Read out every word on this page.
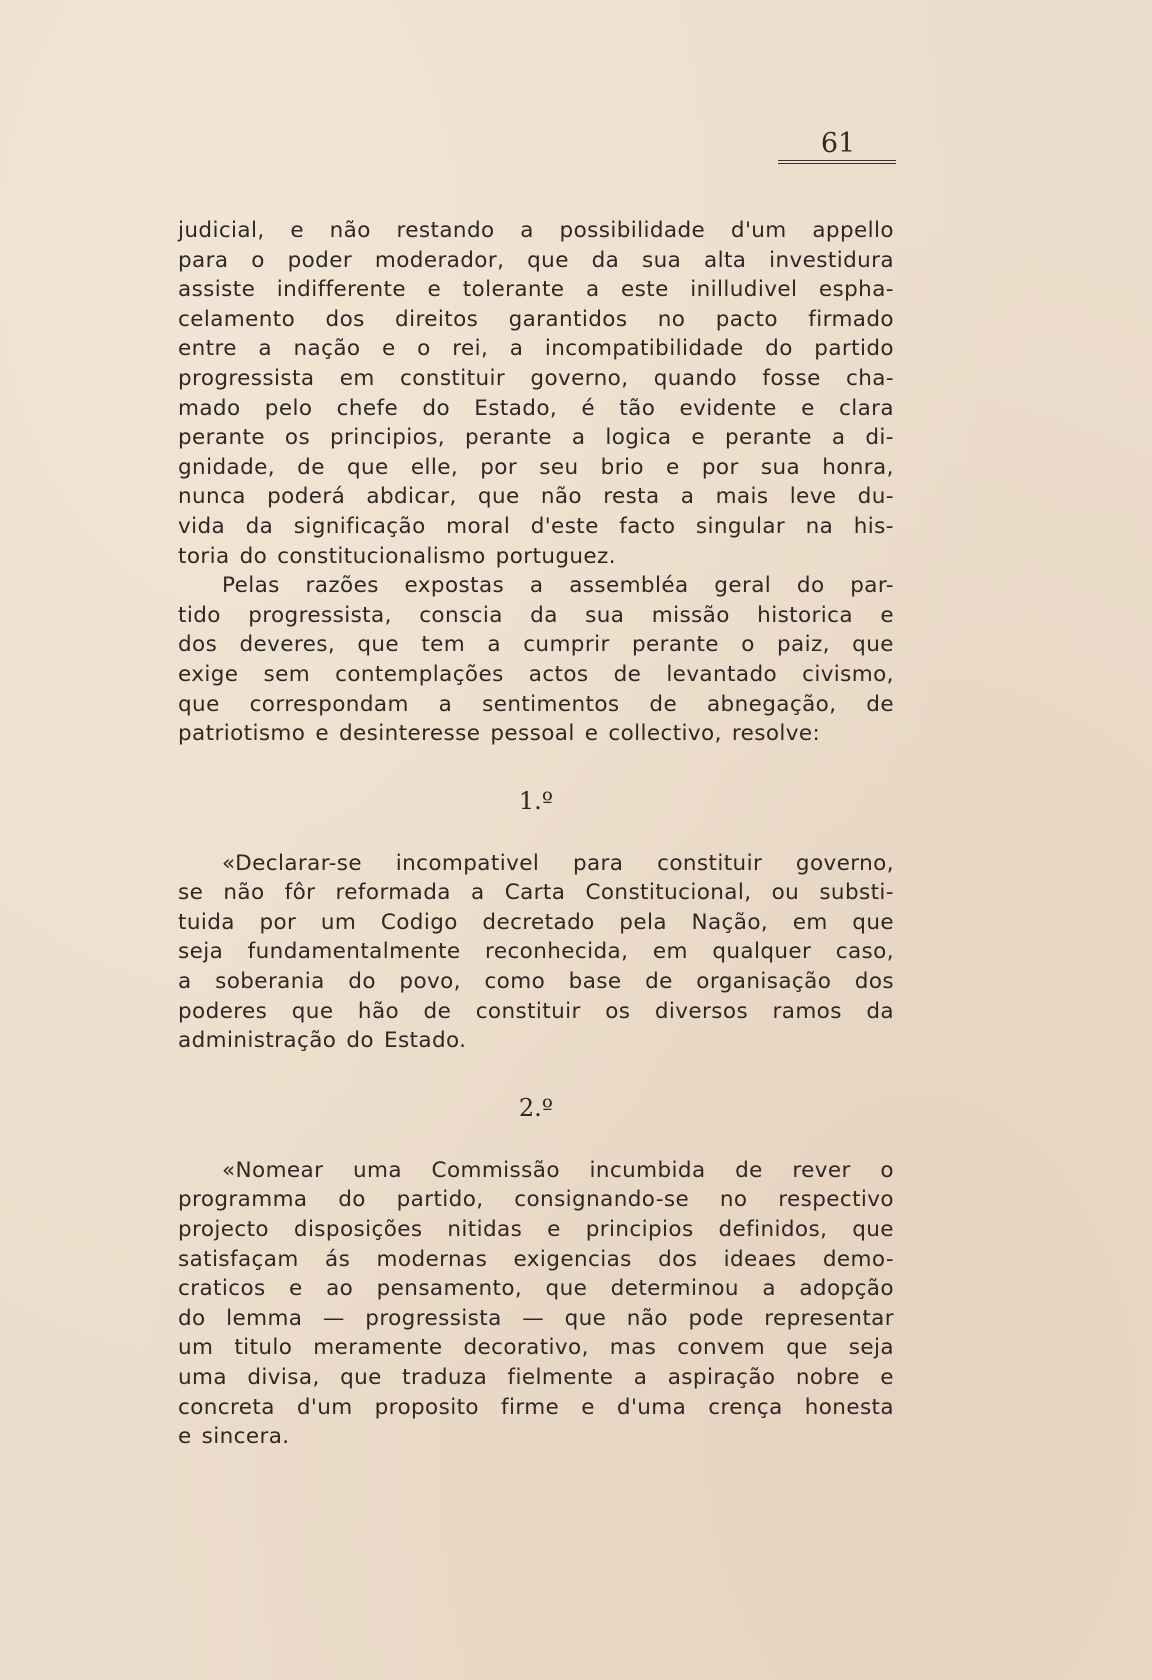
61
judicial, e não restando a possibilidade d'um appello
para o poder moderador, que da sua alta investidura
assiste indifferente e tolerante a este inilludivel espha-
celamento dos direitos garantidos no pacto firmado
entre a nação e o rei, a incompatibilidade do partido
progressista em constituir governo, quando fosse cha-
mado pelo chefe do Estado, é tão evidente e clara
perante os principios, perante a logica e perante a di-
gnidade, de que elle, por seu brio e por sua honra,
nunca poderá abdicar, que não resta a mais leve du-
vida da significação moral d'este facto singular na his-
toria do constitucionalismo portuguez.
Pelas razões expostas a assembléa geral do par-
tido progressista, conscia da sua missão historica e
dos deveres, que tem a cumprir perante o paiz, que
exige sem contemplações actos de levantado civismo,
que correspondam a sentimentos de abnegação, de
patriotismo e desinteresse pessoal e collectivo, resolve:
1.º
«Declarar-se incompativel para constituir governo,
se não fôr reformada a Carta Constitucional, ou substi-
tuida por um Codigo decretado pela Nação, em que
seja fundamentalmente reconhecida, em qualquer caso,
a soberania do povo, como base de organisação dos
poderes que hão de constituir os diversos ramos da
administração do Estado.
2.º
«Nomear uma Commissão incumbida de rever o
programma do partido, consignando-se no respectivo
projecto disposições nitidas e principios definidos, que
satisfaçam ás modernas exigencias dos ideaes demo-
craticos e ao pensamento, que determinou a adopção
do lemma — progressista — que não pode representar
um titulo meramente decorativo, mas convem que seja
uma divisa, que traduza fielmente a aspiração nobre e
concreta d'um proposito firme e d'uma crença honesta
e sincera.
